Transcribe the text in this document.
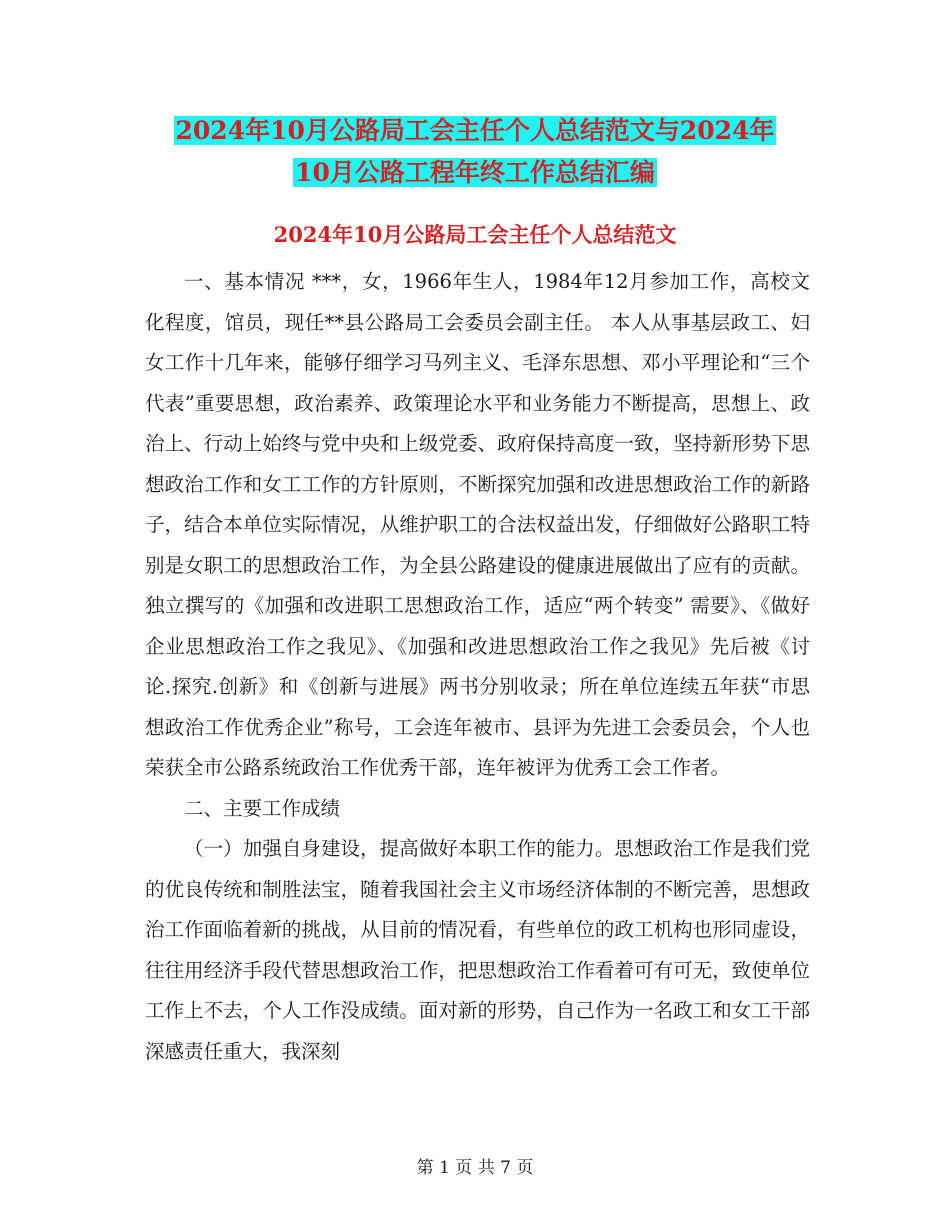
2024年10月公路局工会主任个人总结范文与2024年
10月公路工程年终工作总结汇编
2024年10月公路局工会主任个人总结范文

一、基本情况 ***，女，1966年生人，1984年12月参加工作，高校文化程度，馆员，现任**县公路局工会委员会副主任。 本人从事基层政工、妇女工作十几年来，能够仔细学习马列主义、毛泽东思想、邓小平理论和“三个代表”重要思想，政治素养、政策理论水平和业务能力不断提高，思想上、政治上、行动上始终与党中央和上级党委、政府保持高度一致，坚持新形势下思想政治工作和女工工作的方针原则，不断探究加强和改进思想政治工作的新路子，结合本单位实际情况，从维护职工的合法权益出发，仔细做好公路职工特别是女职工的思想政治工作，为全县公路建设的健康进展做出了应有的贡献。独立撰写的《加强和改进职工思想政治工作，适应“两个转变” 需要》、《做好企业思想政治工作之我见》、《加强和改进思想政治工作之我见》先后被《讨论.探究.创新》和《创新与进展》两书分别收录；所在单位连续五年获“市思想政治工作优秀企业”称号，工会连年被市、县评为先进工会委员会，个人也荣获全市公路系统政治工作优秀干部，连年被评为优秀工会工作者。

二、主要工作成绩

（一）加强自身建设，提高做好本职工作的能力。思想政治工作是我们党的优良传统和制胜法宝，随着我国社会主义市场经济体制的不断完善，思想政治工作面临着新的挑战，从目前的情况看，有些单位的政工机构也形同虚设，往往用经济手段代替思想政治工作，把思想政治工作看着可有可无，致使单位工作上不去，个人工作没成绩。面对新的形势，自己作为一名政工和女工干部深感责任重大，我深刻

第 1 页 共 7 页
